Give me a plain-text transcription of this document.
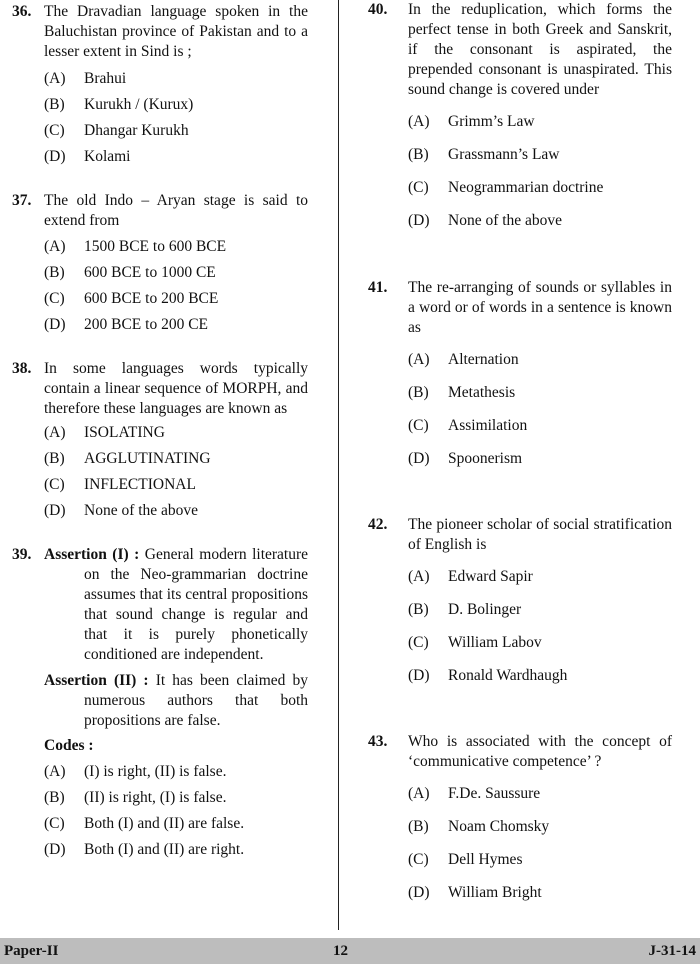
36. The Dravadian language spoken in the Baluchistan province of Pakistan and to a lesser extent in Sind is ;
(A) Brahui
(B) Kurukh / (Kurux)
(C) Dhangar Kurukh
(D) Kolami
37. The old Indo – Aryan stage is said to extend from
(A) 1500 BCE to 600 BCE
(B) 600 BCE to 1000 CE
(C) 600 BCE to 200 BCE
(D) 200 BCE to 200 CE
38. In some languages words typically contain a linear sequence of MORPH, and therefore these languages are known as
(A) ISOLATING
(B) AGGLUTINATING
(C) INFLECTIONAL
(D) None of the above
39. Assertion (I) : General modern literature on the Neo-grammarian doctrine assumes that its central propositions that sound change is regular and that it is purely phonetically conditioned are independent.
Assertion (II) : It has been claimed by numerous authors that both propositions are false.
Codes :
(A) (I) is right, (II) is false.
(B) (II) is right, (I) is false.
(C) Both (I) and (II) are false.
(D) Both (I) and (II) are right.
40. In the reduplication, which forms the perfect tense in both Greek and Sanskrit, if the consonant is aspirated, the prepended consonant is unaspirated. This sound change is covered under
(A) Grimm’s Law
(B) Grassmann’s Law
(C) Neogrammarian doctrine
(D) None of the above
41. The re-arranging of sounds or syllables in a word or of words in a sentence is known as
(A) Alternation
(B) Metathesis
(C) Assimilation
(D) Spoonerism
42. The pioneer scholar of social stratification of English is
(A) Edward Sapir
(B) D. Bolinger
(C) William Labov
(D) Ronald Wardhaugh
43. Who is associated with the concept of ‘communicative competence’ ?
(A) F.De. Saussure
(B) Noam Chomsky
(C) Dell Hymes
(D) William Bright
Paper-II	12	J-31-14
